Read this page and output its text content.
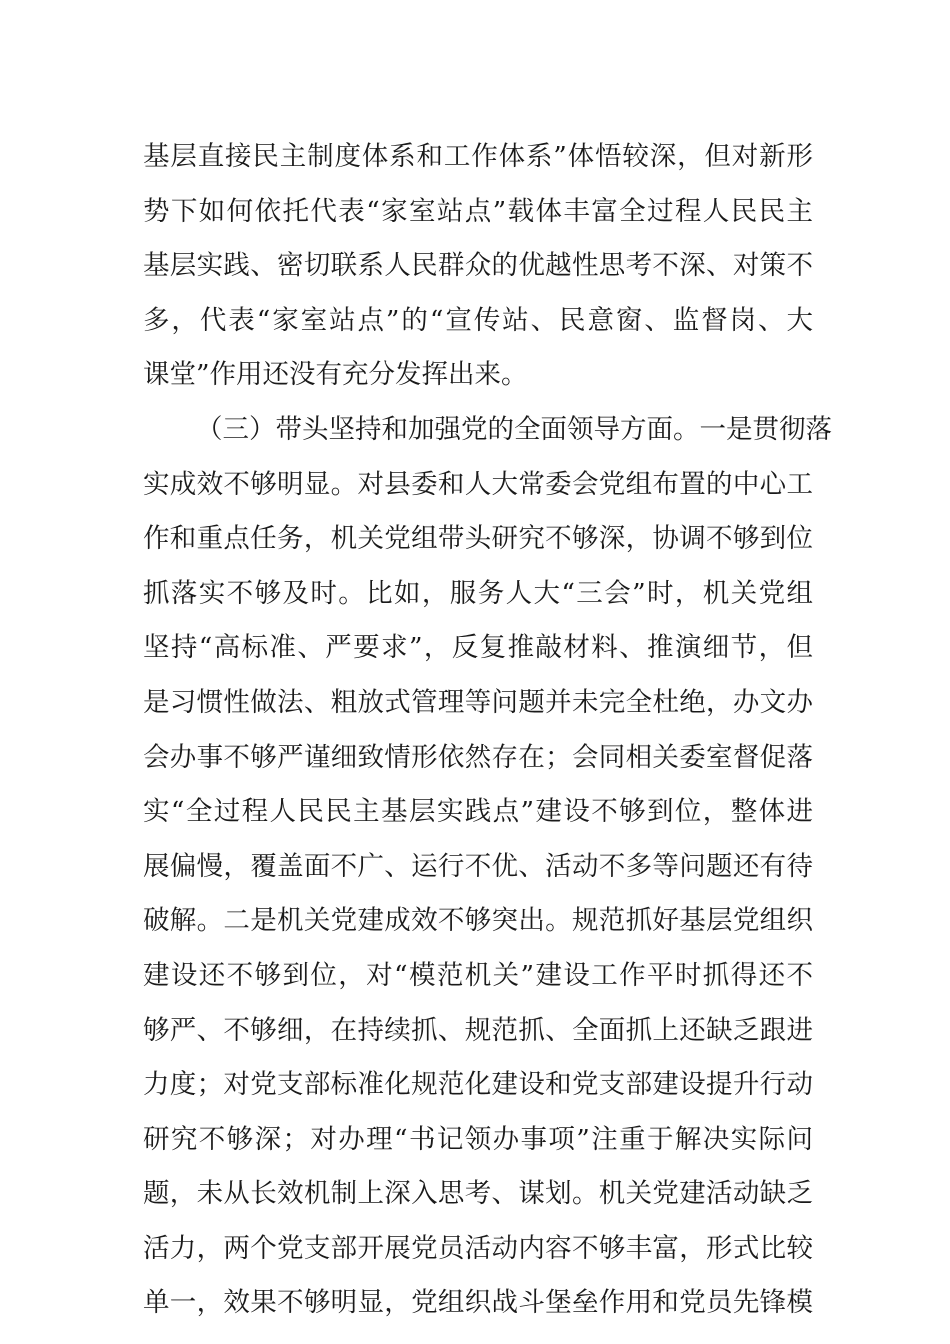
基层直接民主制度体系和工作体系”体悟较深，但对新形
势下如何依托代表“家室站点”载体丰富全过程人民民主
基层实践、密切联系人民群众的优越性思考不深、对策不
多，代表“家室站点”的“宣传站、民意窗、监督岗、大
课堂”作用还没有充分发挥出来。
（三）带头坚持和加强党的全面领导方面。一是贯彻落
实成效不够明显。对县委和人大常委会党组布置的中心工
作和重点任务，机关党组带头研究不够深，协调不够到位
抓落实不够及时。比如，服务人大“三会”时，机关党组
坚持“高标准、严要求”，反复推敲材料、推演细节，但
是习惯性做法、粗放式管理等问题并未完全杜绝，办文办
会办事不够严谨细致情形依然存在；会同相关委室督促落
实“全过程人民民主基层实践点”建设不够到位，整体进
展偏慢，覆盖面不广、运行不优、活动不多等问题还有待
破解。二是机关党建成效不够突出。规范抓好基层党组织
建设还不够到位，对“模范机关”建设工作平时抓得还不
够严、不够细，在持续抓、规范抓、全面抓上还缺乏跟进
力度；对党支部标准化规范化建设和党支部建设提升行动
研究不够深；对办理“书记领办事项”注重于解决实际问
题，未从长效机制上深入思考、谋划。机关党建活动缺乏
活力，两个党支部开展党员活动内容不够丰富，形式比较
单一，效果不够明显，党组织战斗堡垒作用和党员先锋模
